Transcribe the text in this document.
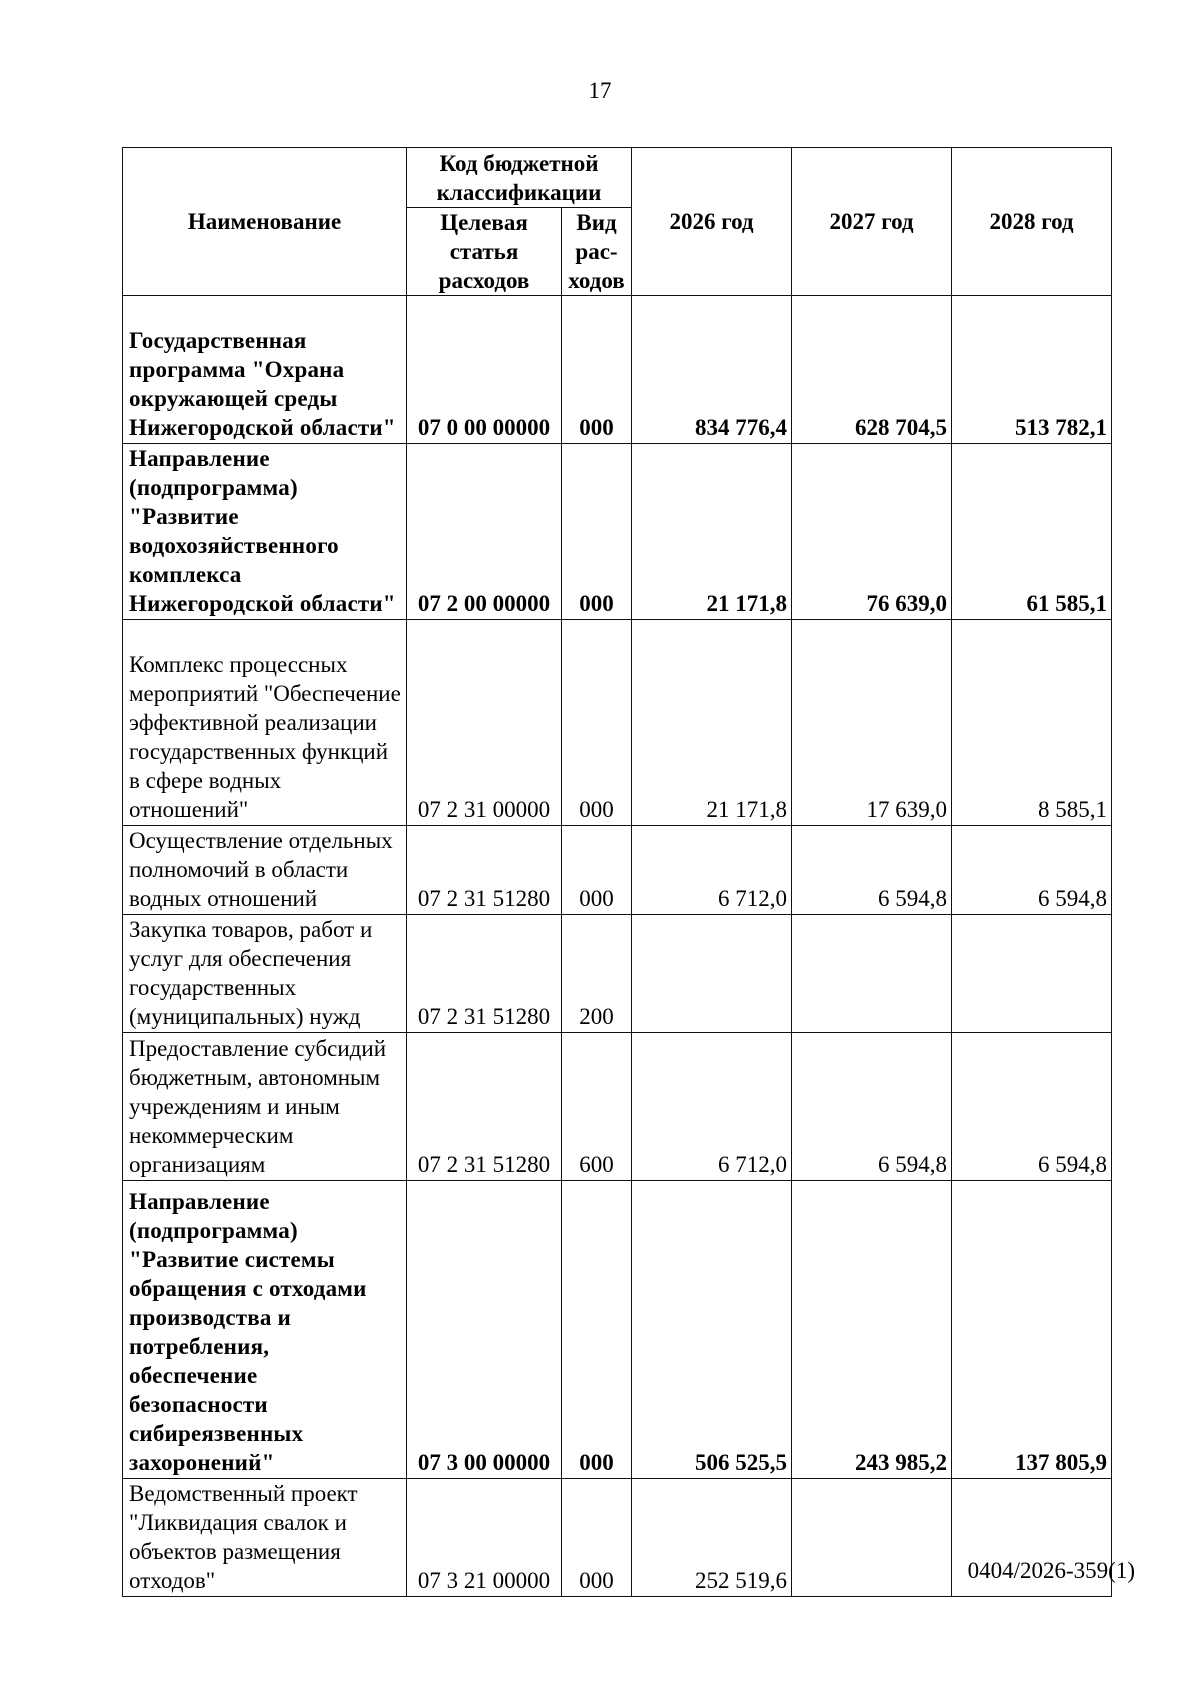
17
Наименование	Код бюджетной классификации		2026 год	2027 год	2028 год
	Целевая статья расходов	Вид рас-ходов			
Государственная программа "Охрана окружающей среды Нижегородской области"	07 0 00 00000	000	834 776,4	628 704,5	513 782,1
Направление (подпрограмма) "Развитие водохозяйственного комплекса Нижегородской области"	07 2 00 00000	000	21 171,8	76 639,0	61 585,1
Комплекс процессных мероприятий "Обеспечение эффективной реализации государственных функций в сфере водных отношений"	07 2 31 00000	000	21 171,8	17 639,0	8 585,1
Осуществление отдельных полномочий в области водных отношений	07 2 31 51280	000	6 712,0	6 594,8	6 594,8
Закупка товаров, работ и услуг для обеспечения государственных (муниципальных) нужд	07 2 31 51280	200			
Предоставление субсидий бюджетным, автономным учреждениям и иным некоммерческим организациям	07 2 31 51280	600	6 712,0	6 594,8	6 594,8
Направление (подпрограмма) "Развитие системы обращения с отходами производства и потребления, обеспечение безопасности сибиреязвенных захоронений"	07 3 00 00000	000	506 525,5	243 985,2	137 805,9
Ведомственный проект "Ликвидация свалок и объектов размещения отходов"	07 3 21 00000	000	252 519,6			0404/2026-359(1)
